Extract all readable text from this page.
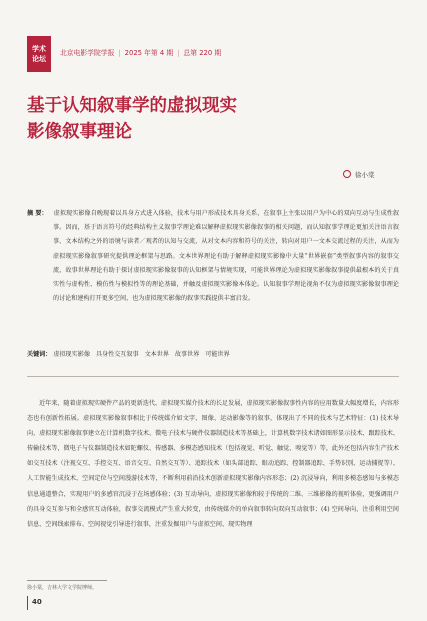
学术
论坛
北京电影学院学报 | 2025 年第 4 期 | 总第 220 期
基于认知叙事学的虚拟现实
影像叙事理论
徐小棠

摘 要： 虚拟现实影像自晚现着以具身方式进入体验，技术与用户形成技术具身关系，在叙事上主张以用户为中心的双向互动与生成性叙事。因而，基于语言符号的经典结构主义叙事学理论难以解释虚拟现实影像叙事的相关问题，而认知叙事学理论更加关注语言叙事、文本结构之外的语境与读者／观者的认知与交流，从对文本内容和符号的关注，转向对用户一文本交流过程的关注，从而为虚拟现实影像叙事研究提供理论框架与思路。文本世界理论有助于解释虚拟现实影像中大量“世界嵌套”类型叙事内容的叙事交流，故事世界理论有助于探讨虚拟现实影像叙事的认知框架与情境实现，可能世界理论为虚拟现实影像叙事提供最根本的关于真实性与虚构性、模仿性与模拟性等的理论基础，并触及虚拟现实影像本体论。认知叙事学理论视角不仅为虚拟现实影像叙事理论的讨论和建构打开更多空间，也为虚拟现实影像的叙事实践提供丰富启发。

关键词： 虚拟现实影像 具身性交互叙事 文本世界 故事世界 可能世界

近年来，随着虚拟现实硬件产品的更新迭代、虚拟现实媒介技术的长足发展，虚拟现实影像叙事性内容的应用数量大幅度增长，内容形态也有创新性拓展。虚拟现实影像叙事相比于传统媒介如文字、图像、运动影像等的叙事，体现出了不同的技术与艺术特征：(1) 技术导向，虚拟现实影像叙事建立在计算机数字技术、微电子技术与硬件仪器制造技术等基础上，计算机数字技术诸如图形显示技术、跟踪技术、传输技术等，微电子与仪器制造技术如陀螺仪、传感器、多模态感知技术（包括视觉、听觉、触觉、嗅觉等）等，此外还包括内容生产技术如交互技术（注视交互、手控交互、语音交互、自然交互等）、追踪技术（如头部追踪、眼动追踪、控制器追踪、手势识别、运动捕捉等）、人工智能生成技术、空间定位与空间漫游技术等，不断利用前沿技术创新虚拟现实影像内容形态；(2) 沉浸导向，利用多模态感知与多模态信息通道整合，实现用户的多感官沉浸于在场感体验；(3) 互动导向，虚拟现实影像和较于传统的二维、三维影像的视听体验，更强调用户的具身交互参与和全感官互动体验，叙事交流模式产生重大转变，由传统媒介的单向叙事转向双向互动叙事；(4) 空间导向，注重利用空间信息、空间线索排布、空间视觉引导进行叙事，注重发掘用户与虚拟空间、现实物理

徐小棠，吉林大学文学院博师。
40
